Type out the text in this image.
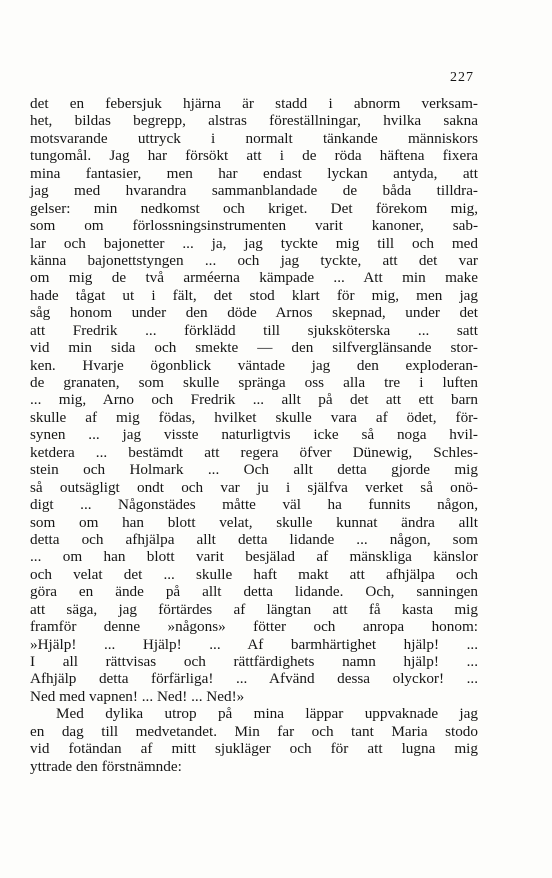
227
det en febersjuk hjärna är stadd i abnorm verksam-
het, bildas begrepp, alstras föreställningar, hvilka sakna
motsvarande uttryck i normalt tänkande människors
tungomål. Jag har försökt att i de röda häftena fixera
mina fantasier, men har endast lyckan antyda, att
jag med hvarandra sammanblandade de båda tilldra-
gelser: min nedkomst och kriget. Det förekom mig,
som om förlossningsinstrumenten varit kanoner, sab-
lar och bajonetter ... ja, jag tyckte mig till och med
känna bajonettstyngen ... och jag tyckte, att det var
om mig de två arméerna kämpade ... Att min make
hade tågat ut i fält, det stod klart för mig, men jag
såg honom under den döde Arnos skepnad, under det
att Fredrik ... förklädd till sjuksköterska ... satt
vid min sida och smekte — den silfverglänsande stor-
ken. Hvarje ögonblick väntade jag den exploderan-
de granaten, som skulle spränga oss alla tre i luften
... mig, Arno och Fredrik ... allt på det att ett barn
skulle af mig födas, hvilket skulle vara af ödet, för-
synen ... jag visste naturligtvis icke så noga hvil-
ketdera ... bestämdt att regera öfver Dünewig, Schles-
stein och Holmark ... Och allt detta gjorde mig
så outsägligt ondt och var ju i själfva verket så onö-
digt ... Någonstädes måtte väl ha funnits någon,
som om han blott velat, skulle kunnat ändra allt
detta och afhjälpa allt detta lidande ... någon, som
... om han blott varit besjälad af mänskliga känslor
och velat det ... skulle haft makt att afhjälpa och
göra en ände på allt detta lidande. Och, sanningen
att säga, jag förtärdes af längtan att få kasta mig
framför denne »någons» fötter och anropa honom:
»Hjälp! ... Hjälp! ... Af barmhärtighet hjälp! ...
I all rättvisas och rättfärdighets namn hjälp! ...
Afhjälp detta förfärliga! ... Afvänd dessa olyckor! ...
Ned med vapnen! ... Ned! ... Ned!»
Med dylika utrop på mina läppar uppvaknade jag
en dag till medvetandet. Min far och tant Maria stodo
vid fotändan af mitt sjukläger och för att lugna mig
yttrade den förstnämnde:
